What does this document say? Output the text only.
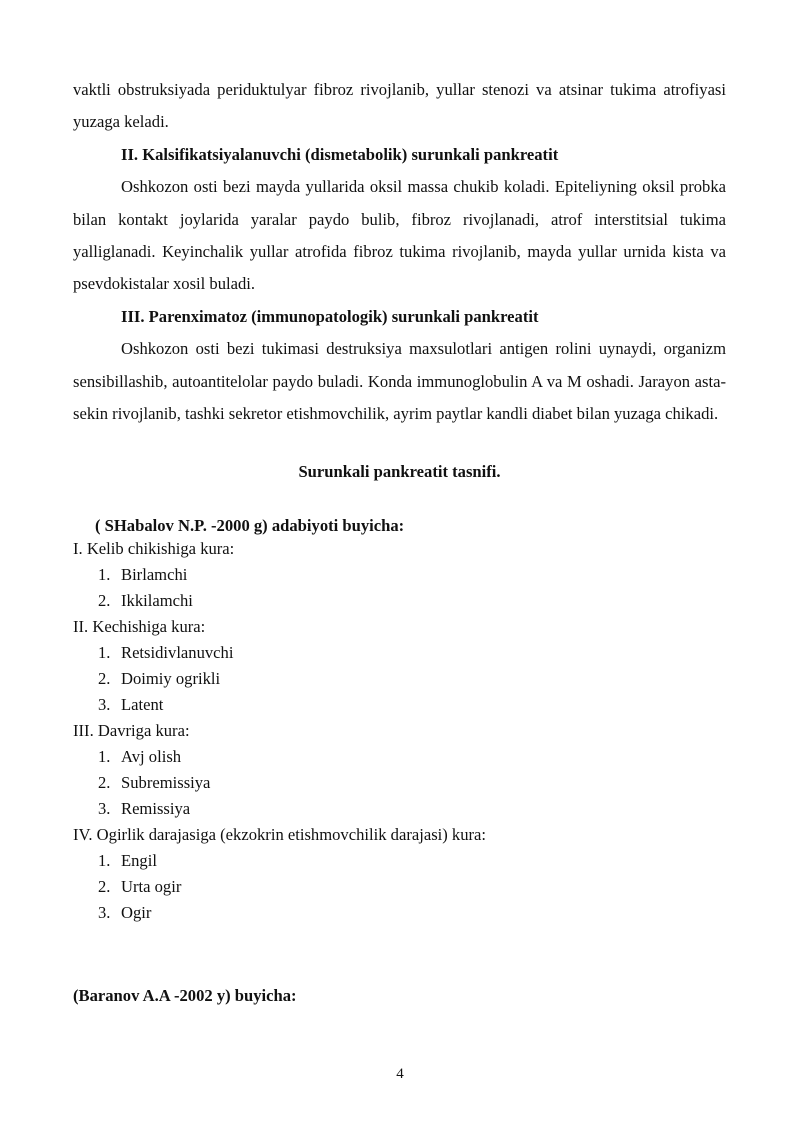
vaktli obstruksiyada periduktulyar fibroz rivojlanib, yullar stenozi va atsinar tukima atrofiyasi yuzaga keladi.

II. Kalsifikatsiyalanuvchi (dismetabolik) surunkali pankreatit

Oshkozon osti bezi mayda yullarida oksil massa chukib koladi. Epiteliyning oksil probka bilan kontakt joylarida yaralar paydo bulib, fibroz rivojlanadi, atrof interstitsial tukima yalliglanadi. Keyinchalik yullar atrofida fibroz tukima rivojlanib, mayda yullar urnida kista va psevdokistalar xosil buladi.

III. Parenximatoz (immunopatologik) surunkali pankreatit

Oshkozon osti bezi tukimasi destruksiya maxsulotlari antigen rolini uynaydi, organizm sensibillashib, autoantitelolar paydo buladi. Konda immunoglobulin A va M oshadi. Jarayon asta-sekin rivojlanib, tashki sekretor etishmovchilik, ayrim paytlar kandli diabet bilan yuzaga chikadi.

Surunkali pankreatit tasnifi.

( SHabalov N.P. -2000 g) adabiyoti buyicha:

I. Kelib chikishiga kura:

1. Birlamchi
2. Ikkilamchi

II. Kechishiga kura:

1. Retsidivlanuvchi
2. Doimiy ogrikli
3. Latent

III. Davriga kura:

1. Avj olish
2. Subremissiya
3. Remissiya

IV. Ogirlik darajasiga (ekzokrin etishmovchilik darajasi) kura:

1. Engil
2. Urta ogir
3. Ogir

(Baranov A.A -2002 y) buyicha:

4
